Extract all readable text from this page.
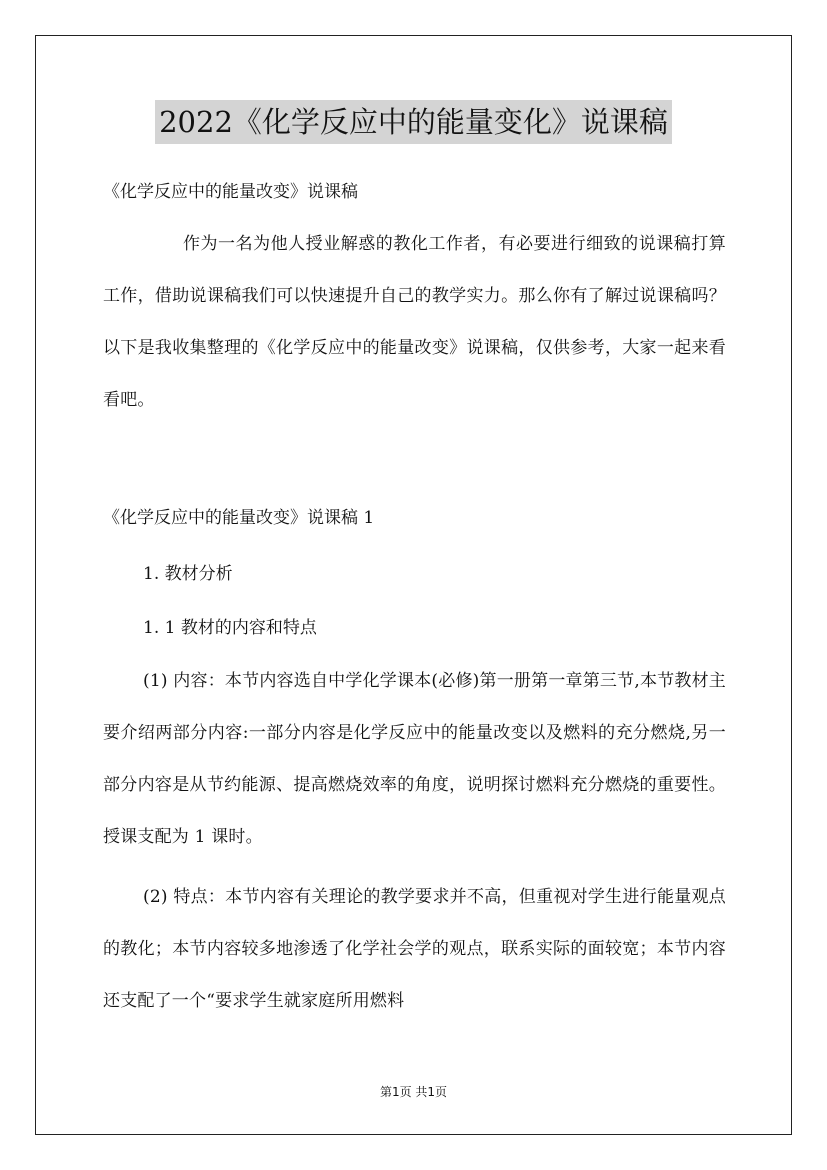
2022《化学反应中的能量变化》说课稿
《化学反应中的能量改变》说课稿
作为一名为他人授业解惑的教化工作者，有必要进行细致的说课稿打算工作，借助说课稿我们可以快速提升自己的教学实力。那么你有了解过说课稿吗？以下是我收集整理的《化学反应中的能量改变》说课稿，仅供参考，大家一起来看看吧。
《化学反应中的能量改变》说课稿 1
1. 教材分析
1. 1 教材的内容和特点
(1) 内容：本节内容选自中学化学课本(必修)第一册第一章第三节,本节教材主要介绍两部分内容:一部分内容是化学反应中的能量改变以及燃料的充分燃烧,另一部分内容是从节约能源、提高燃烧效率的角度，说明探讨燃料充分燃烧的重要性。授课支配为 1 课时。
(2) 特点：本节内容有关理论的教学要求并不高，但重视对学生进行能量观点的教化；本节内容较多地渗透了化学社会学的观点，联系实际的面较宽；本节内容还支配了一个“要求学生就家庭所用燃料
第1页 共1页
